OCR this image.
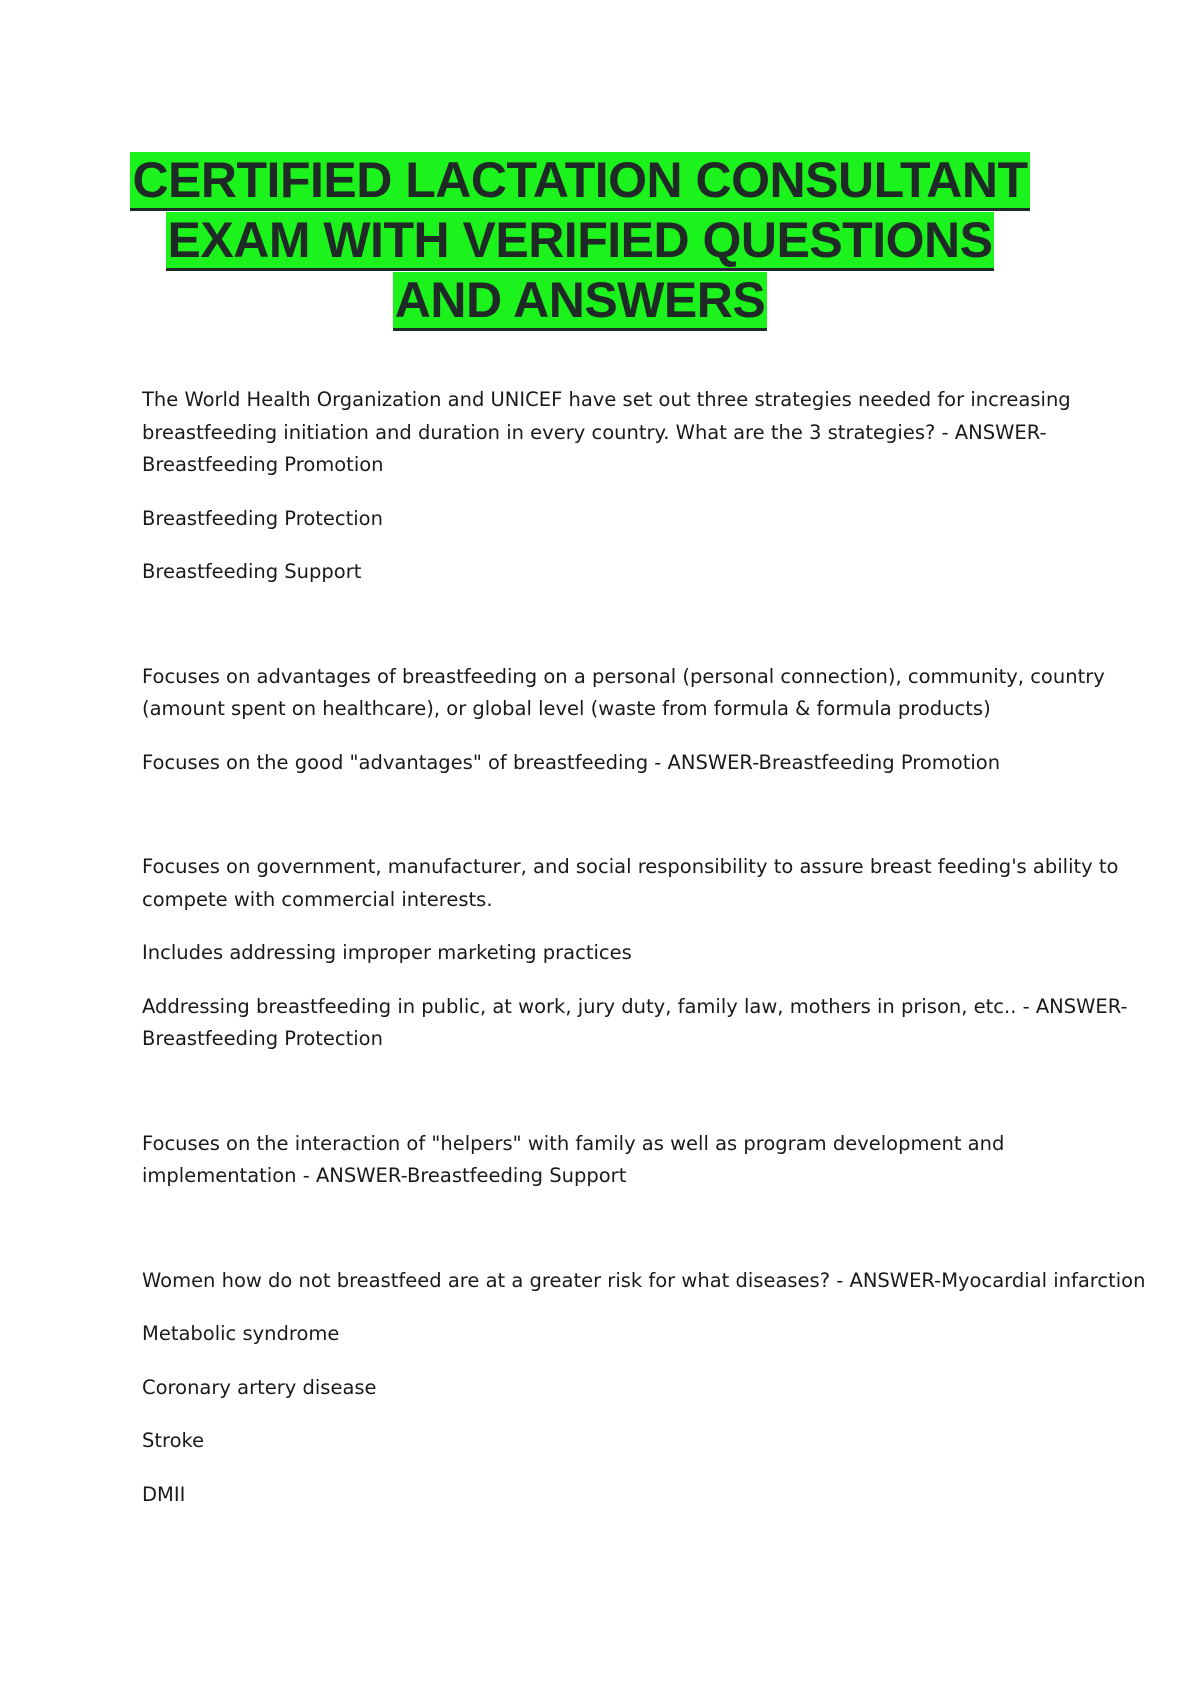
CERTIFIED LACTATION CONSULTANT
EXAM WITH VERIFIED QUESTIONS
AND ANSWERS

The World Health Organization and UNICEF have set out three strategies needed for increasing

breastfeeding initiation and duration in every country. What are the 3 strategies? - ANSWER-

Breastfeeding Promotion

Breastfeeding Protection

Breastfeeding Support

Focuses on advantages of breastfeeding on a personal (personal connection), community, country

(amount spent on healthcare), or global level (waste from formula & formula products)

Focuses on the good "advantages" of breastfeeding - ANSWER-Breastfeeding Promotion

Focuses on government, manufacturer, and social responsibility to assure breast feeding's ability to

compete with commercial interests.

Includes addressing improper marketing practices

Addressing breastfeeding in public, at work, jury duty, family law, mothers in prison, etc.. - ANSWER-

Breastfeeding Protection

Focuses on the interaction of "helpers" with family as well as program development and

implementation - ANSWER-Breastfeeding Support

Women how do not breastfeed are at a greater risk for what diseases? - ANSWER-Myocardial infarction

Metabolic syndrome

Coronary artery disease

Stroke

DMII
